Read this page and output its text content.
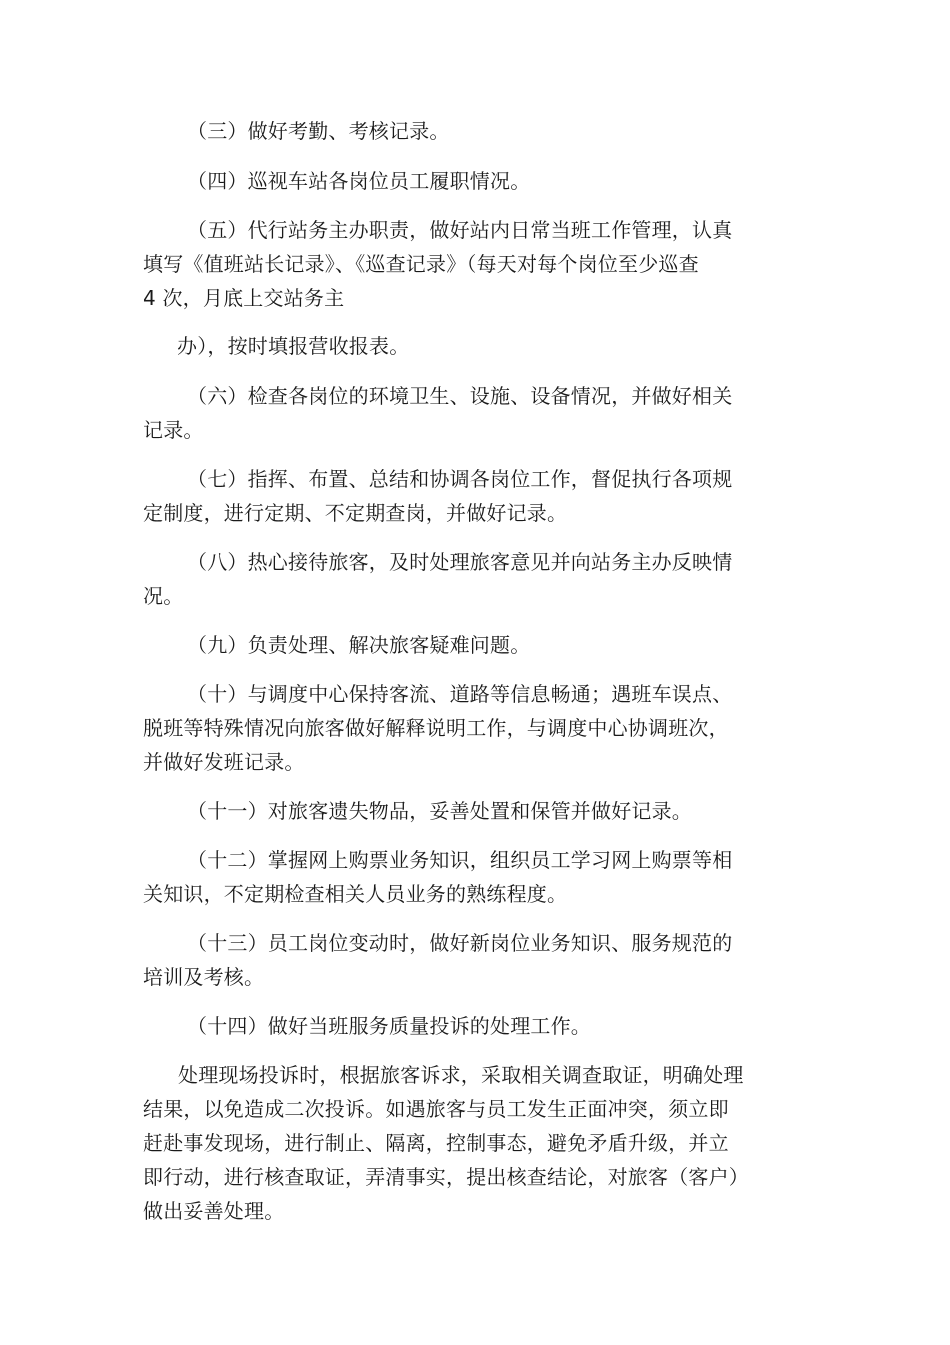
（三）做好考勤、考核记录。
（四）巡视车站各岗位员工履职情况。
（五）代行站务主办职责，做好站内日常当班工作管理，认真
填写《值班站长记录》、《巡查记录》（每天对每个岗位至少巡查
4 次，月底上交站务主
办），按时填报营收报表。
（六）检查各岗位的环境卫生、设施、设备情况，并做好相关
记录。
（七）指挥、布置、总结和协调各岗位工作，督促执行各项规
定制度，进行定期、不定期查岗，并做好记录。
（八）热心接待旅客，及时处理旅客意见并向站务主办反映情
况。
（九）负责处理、解决旅客疑难问题。
（十）与调度中心保持客流、道路等信息畅通；遇班车误点、
脱班等特殊情况向旅客做好解释说明工作，与调度中心协调班次，
并做好发班记录。
（十一）对旅客遗失物品，妥善处置和保管并做好记录。
（十二）掌握网上购票业务知识，组织员工学习网上购票等相
关知识，不定期检查相关人员业务的熟练程度。
（十三）员工岗位变动时，做好新岗位业务知识、服务规范的
培训及考核。
（十四）做好当班服务质量投诉的处理工作。
处理现场投诉时，根据旅客诉求，采取相关调查取证，明确处理
结果，以免造成二次投诉。如遇旅客与员工发生正面冲突，须立即
赶赴事发现场，进行制止、隔离，控制事态，避免矛盾升级，并立
即行动，进行核查取证，弄清事实，提出核查结论，对旅客（客户）
做出妥善处理。
